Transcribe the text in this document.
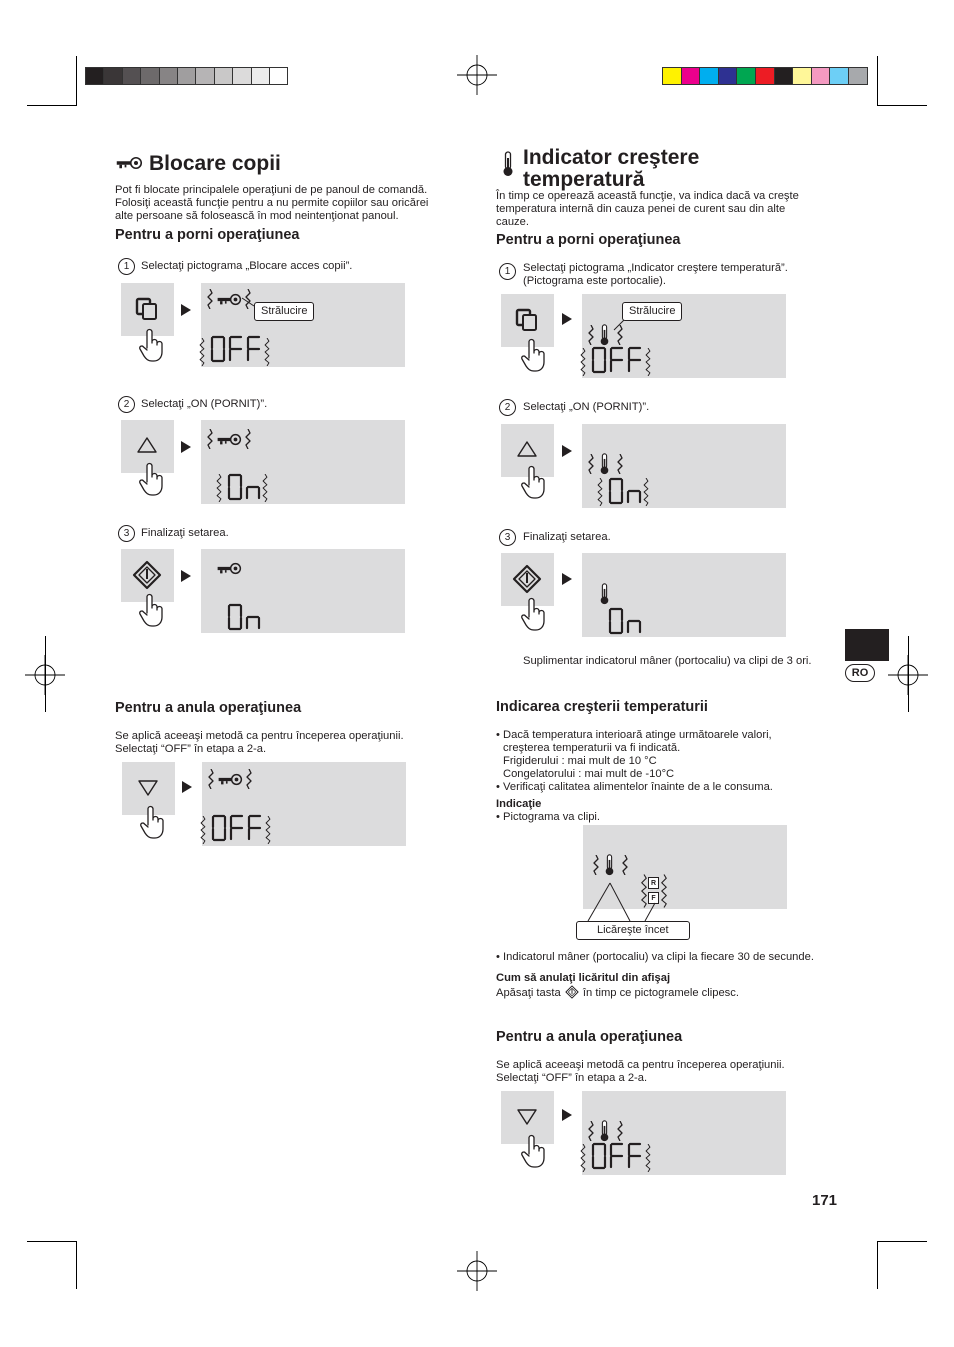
Blocare copii
Pot fi blocate principalele operaţiuni de pe panoul de comandă.
Folosiţi această funcţie pentru a nu permite copiilor sau oricărei
alte persoane să folosească în mod neintenţionat panoul.
Pentru a porni operaţiunea
1	Selectaţi pictograma „Blocare acces copii”.
Strălucire
2	Selectaţi „ON (PORNIT)”.
3	Finalizaţi setarea.
Pentru a anula operaţiunea
Se aplică aceeaşi metodă ca pentru începerea operaţiunii.
Selectaţi “OFF” în etapa a 2-a.
Indicator creştere
temperatură
În timp ce operează această funcţie, va indica dacă va creşte
temperatura internă din cauza penei de curent sau din alte
cauze.
Pentru a porni operaţiunea
1	Selectaţi pictograma „Indicator creştere temperatură”.
(Pictograma este portocalie).
Strălucire
2	Selectaţi „ON (PORNIT)”.
3	Finalizaţi setarea.
Suplimentar indicatorul mâner (portocaliu) va clipi de 3 ori.
Indicarea creşterii temperaturii
• Dacă temperatura interioară atinge următoarele valori,
creşterea temperaturii va fi indicată.
Frigiderului : mai mult de 10 °C
Congelatorului : mai mult de -10°C
• Verificaţi calitatea alimentelor înainte de a le consuma.
Indicaţie
• Pictograma va clipi.
R
F
Licăreşte încet
• Indicatorul mâner (portocaliu) va clipi la fiecare 30 de secunde.
Cum să anulaţi licăritul din afişaj
Apăsaţi tasta în timp ce pictogramele clipesc.
Pentru a anula operaţiunea
Se aplică aceeaşi metodă ca pentru începerea operaţiunii.
Selectaţi “OFF” în etapa a 2-a.
RO
171
